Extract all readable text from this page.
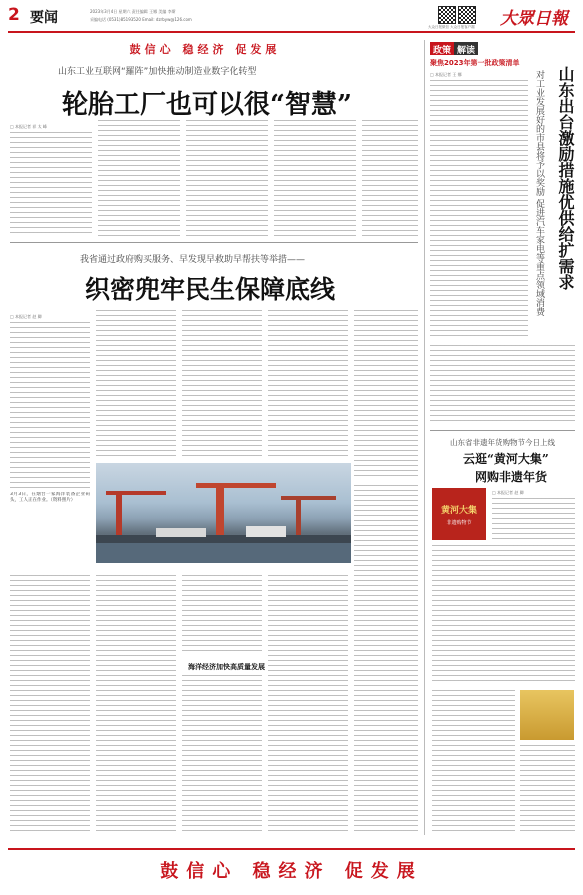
2 要闻	2023年3月4日 星期六 责任编辑 王娜 美编 李斯
采编电话 (0531)85193520 Email: dzrbyw@126.com
大众日报微信 大众日报客户端 大眾日報
鼓信心 稳经济 促发展
山东工业互联网“羅阵”加快推动制造业数字化转型
轮胎工厂也可以很“智慧”
□ 本报记者 祥 太 峰
我省通过政府购买服务、早发现早救助早帮扶等举措——
织密兜牢民生保障底线
□ 本报记者 赵 卿
3月3日，在烟台一家海洋装备企业码头，工人正在作业。（资料照片）
海洋经济加快高质量发展
政策 解读
聚焦2023年第一批政策清单
山东出台激励措施优供给扩需求
对工业发展好的市县将予以奖励 促进汽车家电等重点领域消费
□ 本报记者 王 娜
山东省非遗年货购物节今日上线
云逛“黄河大集”
网购非遗年货
黄河大集
非遗购物节
□ 本报记者 赵 卿
鼓信心 稳经济 促发展
